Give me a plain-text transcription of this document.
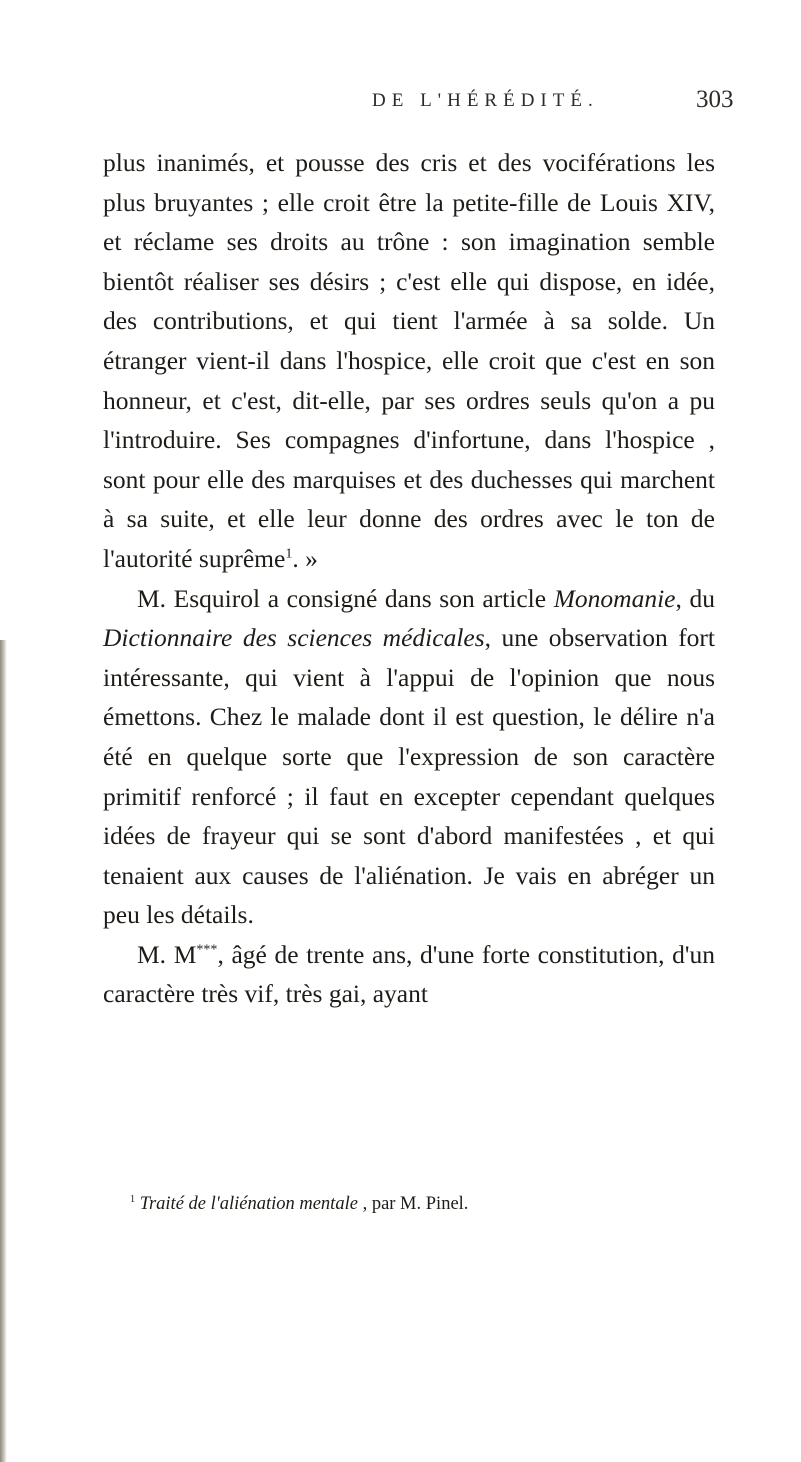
DE L'HÉRÉDITÉ.	303

plus inanimés, et pousse des cris et des vociférations les plus bruyantes ; elle croit être la petite-fille de Louis XIV, et réclame ses droits au trône : son imagination semble bientôt réaliser ses désirs ; c'est elle qui dispose, en idée, des contributions, et qui tient l'armée à sa solde. Un étranger vient-il dans l'hospice, elle croit que c'est en son honneur, et c'est, dit-elle, par ses ordres seuls qu'on a pu l'introduire. Ses compagnes d'infortune, dans l'hospice , sont pour elle des marquises et des duchesses qui marchent à sa suite, et elle leur donne des ordres avec le ton de l'autorité suprême$^1$. »

M. Esquirol a consigné dans son article Monomanie, du Dictionnaire des sciences médicales, une observation fort intéressante, qui vient à l'appui de l'opinion que nous émettons. Chez le malade dont il est question, le délire n'a été en quelque sorte que l'expression de son caractère primitif renforcé ; il faut en excepter cependant quelques idées de frayeur qui se sont d'abord manifestées , et qui tenaient aux causes de l'aliénation. Je vais en abréger un peu les détails.

M. M***, âgé de trente ans, d'une forte constitution, d'un caractère très vif, très gai, ayant

$^1$ Traité de l'aliénation mentale , par M. Pinel.
